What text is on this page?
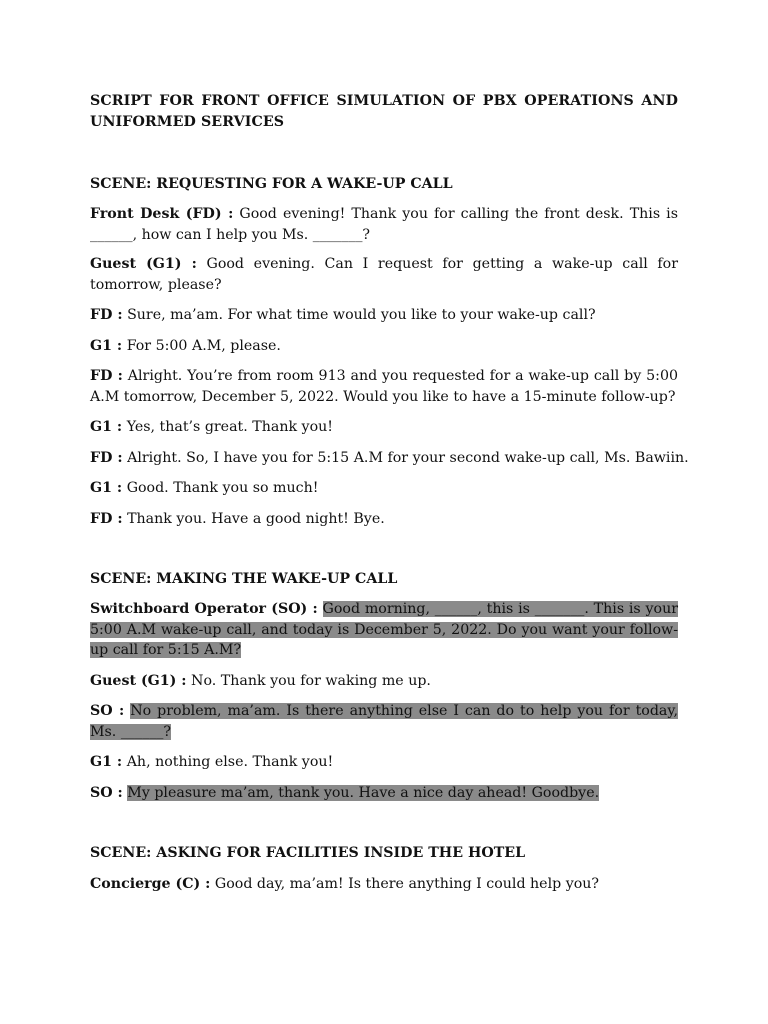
SCRIPT FOR FRONT OFFICE SIMULATION OF PBX OPERATIONS AND UNIFORMED SERVICES
SCENE: REQUESTING FOR A WAKE-UP CALL
Front Desk (FD) : Good evening! Thank you for calling the front desk. This is ______, how can I help you Ms. _______?
Guest (G1) : Good evening. Can I request for getting a wake-up call for tomorrow, please?
FD : Sure, ma’am. For what time would you like to your wake-up call?
G1 : For 5:00 A.M, please.
FD : Alright. You’re from room 913 and you requested for a wake-up call by 5:00 A.M tomorrow, December 5, 2022. Would you like to have a 15-minute follow-up?
G1 : Yes, that’s great. Thank you!
FD : Alright. So, I have you for 5:15 A.M for your second wake-up call, Ms. Bawiin.
G1 : Good. Thank you so much!
FD : Thank you. Have a good night! Bye.
SCENE: MAKING THE WAKE-UP CALL
Switchboard Operator (SO) : Good morning, ______, this is _______. This is your 5:00 A.M wake-up call, and today is December 5, 2022. Do you want your follow-up call for 5:15 A.M?
Guest (G1) : No. Thank you for waking me up.
SO : No problem, ma’am. Is there anything else I can do to help you for today, Ms. ______?
G1 : Ah, nothing else. Thank you!
SO : My pleasure ma’am, thank you. Have a nice day ahead! Goodbye.
SCENE: ASKING FOR FACILITIES INSIDE THE HOTEL
Concierge (C) : Good day, ma’am! Is there anything I could help you?
